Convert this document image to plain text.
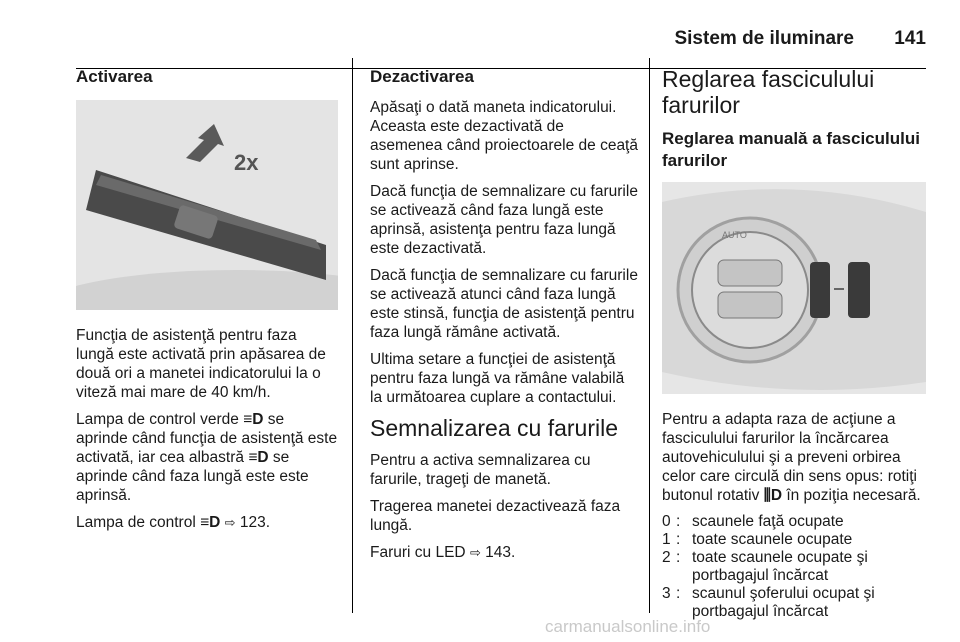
Sistem de iluminare 141
Activarea
2x

Funcţia de asistenţă pentru faza lungă este activată prin apăsarea de două ori a manetei indicatorului la o viteză mai mare de 40 km/h.

Lampa de control verde ≡D se aprinde când funcţia de asistenţă este activată, iar cea albastră ≡D se aprinde când faza lungă este este aprinsă.

Lampa de control ≡D ⇨ 123.

Dezactivarea

Apăsaţi o dată maneta indicatorului. Aceasta este dezactivată de asemenea când proiectoarele de ceaţă sunt aprinse.

Dacă funcţia de semnalizare cu farurile se activează când faza lungă este aprinsă, asistenţa pentru faza lungă este dezactivată.

Dacă funcţia de semnalizare cu farurile se activează atunci când faza lungă este stinsă, funcţia de asistenţă pentru faza lungă rămâne activată.

Ultima setare a funcţiei de asistenţă pentru faza lungă va rămâne valabilă la următoarea cuplare a contactului.

Semnalizarea cu farurile

Pentru a activa semnalizarea cu farurile, trageţi de manetă.

Tragerea manetei dezactivează faza lungă.

Faruri cu LED ⇨ 143.

Reglarea fasciculului farurilor
Reglarea manuală a fasciculului farurilor
AUTO

Pentru a adapta raza de acţiune a fasciculului farurilor la încărcarea autovehiculului şi a preveni orbirea celor care circulă din sens opus: rotiţi butonul rotativ ⫼D în poziţia necesară.

0 : scaunele faţă ocupate
1 : toate scaunele ocupate
2 : toate scaunele ocupate şi portbagajul încărcat
3 : scaunul şoferului ocupat şi portbagajul încărcat
carmanualsonline.info
